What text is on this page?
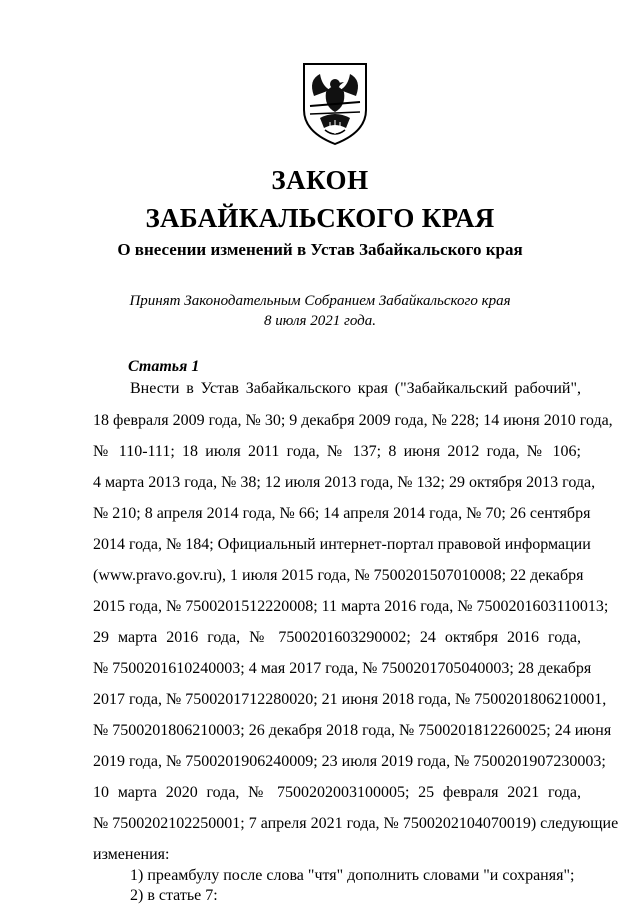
ЗАКОН
ЗАБАЙКАЛЬСКОГО КРАЯ
О внесении изменений в Устав Забайкальского края
Принят Законодательным Собранием Забайкальского края
8 июля 2021 года.
Статья 1
Внести в Устав Забайкальского края ("Забайкальский рабочий",
18 февраля 2009 года, № 30; 9 декабря 2009 года, № 228; 14 июня 2010 года,
№ 110-111; 18 июля 2011 года, № 137; 8 июня 2012 года, № 106;
4 марта 2013 года, № 38; 12 июля 2013 года, № 132; 29 октября 2013 года,
№ 210; 8 апреля 2014 года, № 66; 14 апреля 2014 года, № 70; 26 сентября
2014 года, № 184; Официальный интернет-портал правовой информации
(www.pravo.gov.ru), 1 июля 2015 года, № 7500201507010008; 22 декабря
2015 года, № 7500201512220008; 11 марта 2016 года, № 7500201603110013;
29 марта 2016 года, № 7500201603290002; 24 октября 2016 года,
№ 7500201610240003; 4 мая 2017 года, № 7500201705040003; 28 декабря
2017 года, № 7500201712280020; 21 июня 2018 года, № 7500201806210001,
№ 7500201806210003; 26 декабря 2018 года, № 7500201812260025; 24 июня
2019 года, № 7500201906240009; 23 июля 2019 года, № 7500201907230003;
10 марта 2020 года, № 7500202003100005; 25 февраля 2021 года,
№ 7500202102250001; 7 апреля 2021 года, № 7500202104070019) следующие
изменения:
1) преамбулу после слова "чтя" дополнить словами "и сохраняя";
2) в статье 7:
